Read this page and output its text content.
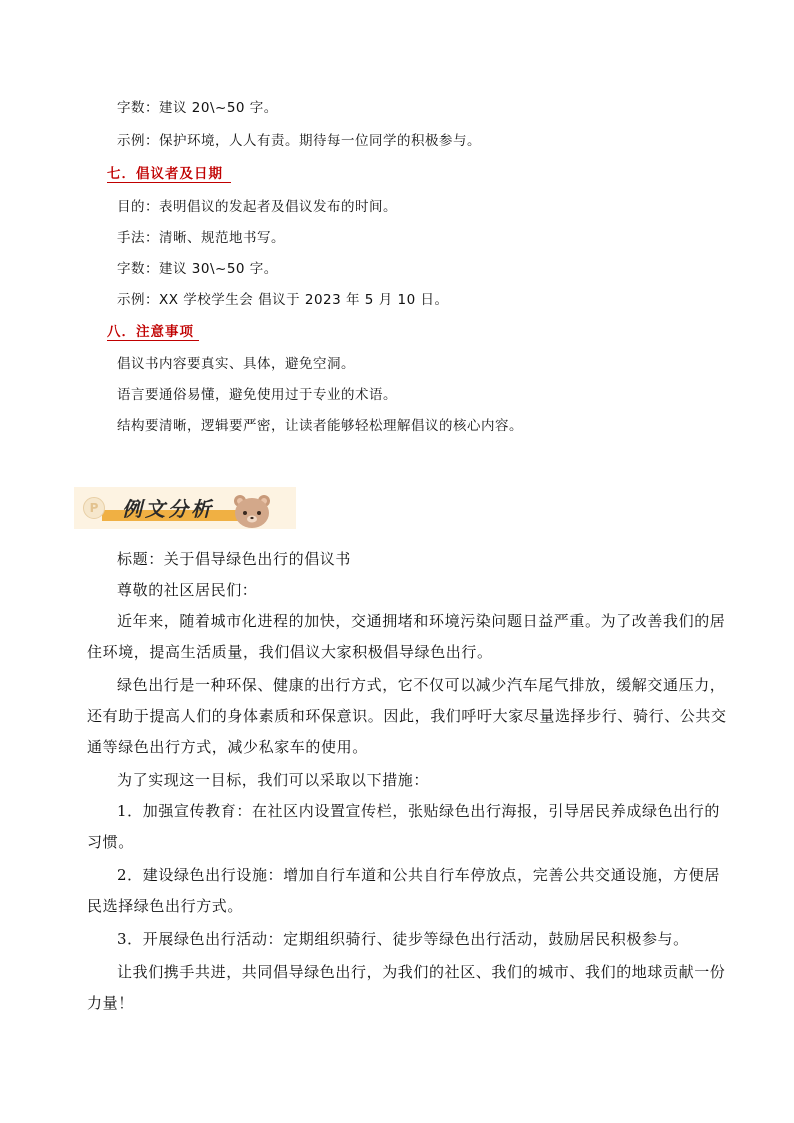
字数：建议 20\~50 字。
示例：保护环境，人人有责。期待每一位同学的积极参与。
七．倡议者及日期
目的：表明倡议的发起者及倡议发布的时间。
手法：清晰、规范地书写。
字数：建议 30\~50 字。
示例：XX 学校学生会 倡议于 2023 年 5 月 10 日。
八．注意事项
倡议书内容要真实、具体，避免空洞。
语言要通俗易懂，避免使用过于专业的术语。
结构要清晰，逻辑要严密，让读者能够轻松理解倡议的核心内容。
P	例文分析
标题：关于倡导绿色出行的倡议书
尊敬的社区居民们：
近年来，随着城市化进程的加快，交通拥堵和环境污染问题日益严重。为了改善我们的居
住环境，提高生活质量，我们倡议大家积极倡导绿色出行。
绿色出行是一种环保、健康的出行方式，它不仅可以减少汽车尾气排放，缓解交通压力，
还有助于提高人们的身体素质和环保意识。因此，我们呼吁大家尽量选择步行、骑行、公共交
通等绿色出行方式，减少私家车的使用。
为了实现这一目标，我们可以采取以下措施：
1．加强宣传教育：在社区内设置宣传栏，张贴绿色出行海报，引导居民养成绿色出行的
习惯。
2．建设绿色出行设施：增加自行车道和公共自行车停放点，完善公共交通设施，方便居
民选择绿色出行方式。
3．开展绿色出行活动：定期组织骑行、徒步等绿色出行活动，鼓励居民积极参与。
让我们携手共进，共同倡导绿色出行，为我们的社区、我们的城市、我们的地球贡献一份
力量！
